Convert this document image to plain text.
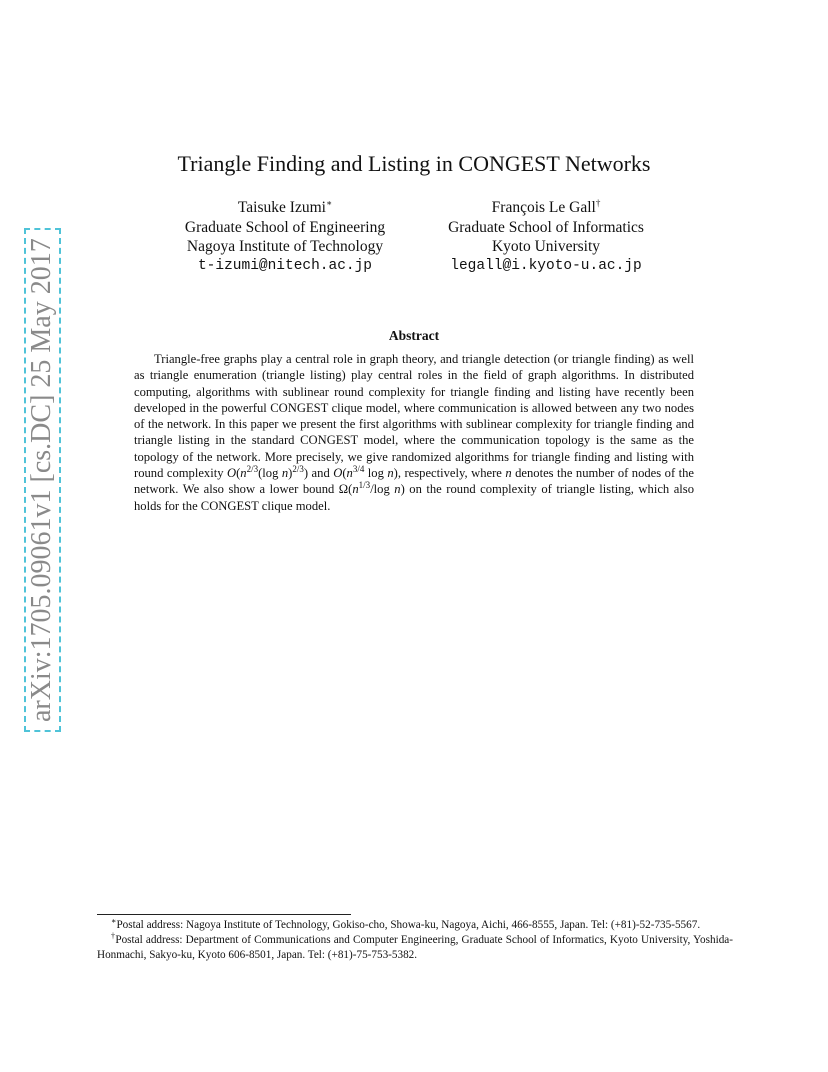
arXiv:1705.09061v1 [cs.DC] 25 May 2017
Triangle Finding and Listing in CONGEST Networks
Taisuke Izumi∗
Graduate School of Engineering
Nagoya Institute of Technology
t-izumi@nitech.ac.jp
François Le Gall†
Graduate School of Informatics
Kyoto University
legall@i.kyoto-u.ac.jp
Abstract
Triangle-free graphs play a central role in graph theory, and triangle detection (or triangle finding) as well as triangle enumeration (triangle listing) play central roles in the field of graph algorithms. In distributed computing, algorithms with sublinear round complexity for triangle finding and listing have recently been developed in the powerful CONGEST clique model, where communication is allowed between any two nodes of the network. In this paper we present the first algorithms with sublinear complexity for triangle finding and triangle listing in the standard CONGEST model, where the communication topology is the same as the topology of the network. More precisely, we give randomized algorithms for triangle finding and listing with round complexity $O(n^{2/3}(\log$ n)$^{2/3}$) and $O(n^{3/4}$ log n), respectively, where n denotes the number of nodes of the network. We also show a lower bound $\Omega(n^{1/3}/\log$ n) on the round complexity of triangle listing, which also holds for the CONGEST clique model.

∗Postal address: Nagoya Institute of Technology, Gokiso-cho, Showa-ku, Nagoya, Aichi, 466-8555, Japan. Tel: (+81)-52-735-5567.

†Postal address: Department of Communications and Computer Engineering, Graduate School of Informatics, Kyoto University, Yoshida-Honmachi, Sakyo-ku, Kyoto 606-8501, Japan. Tel: (+81)-75-753-5382.
